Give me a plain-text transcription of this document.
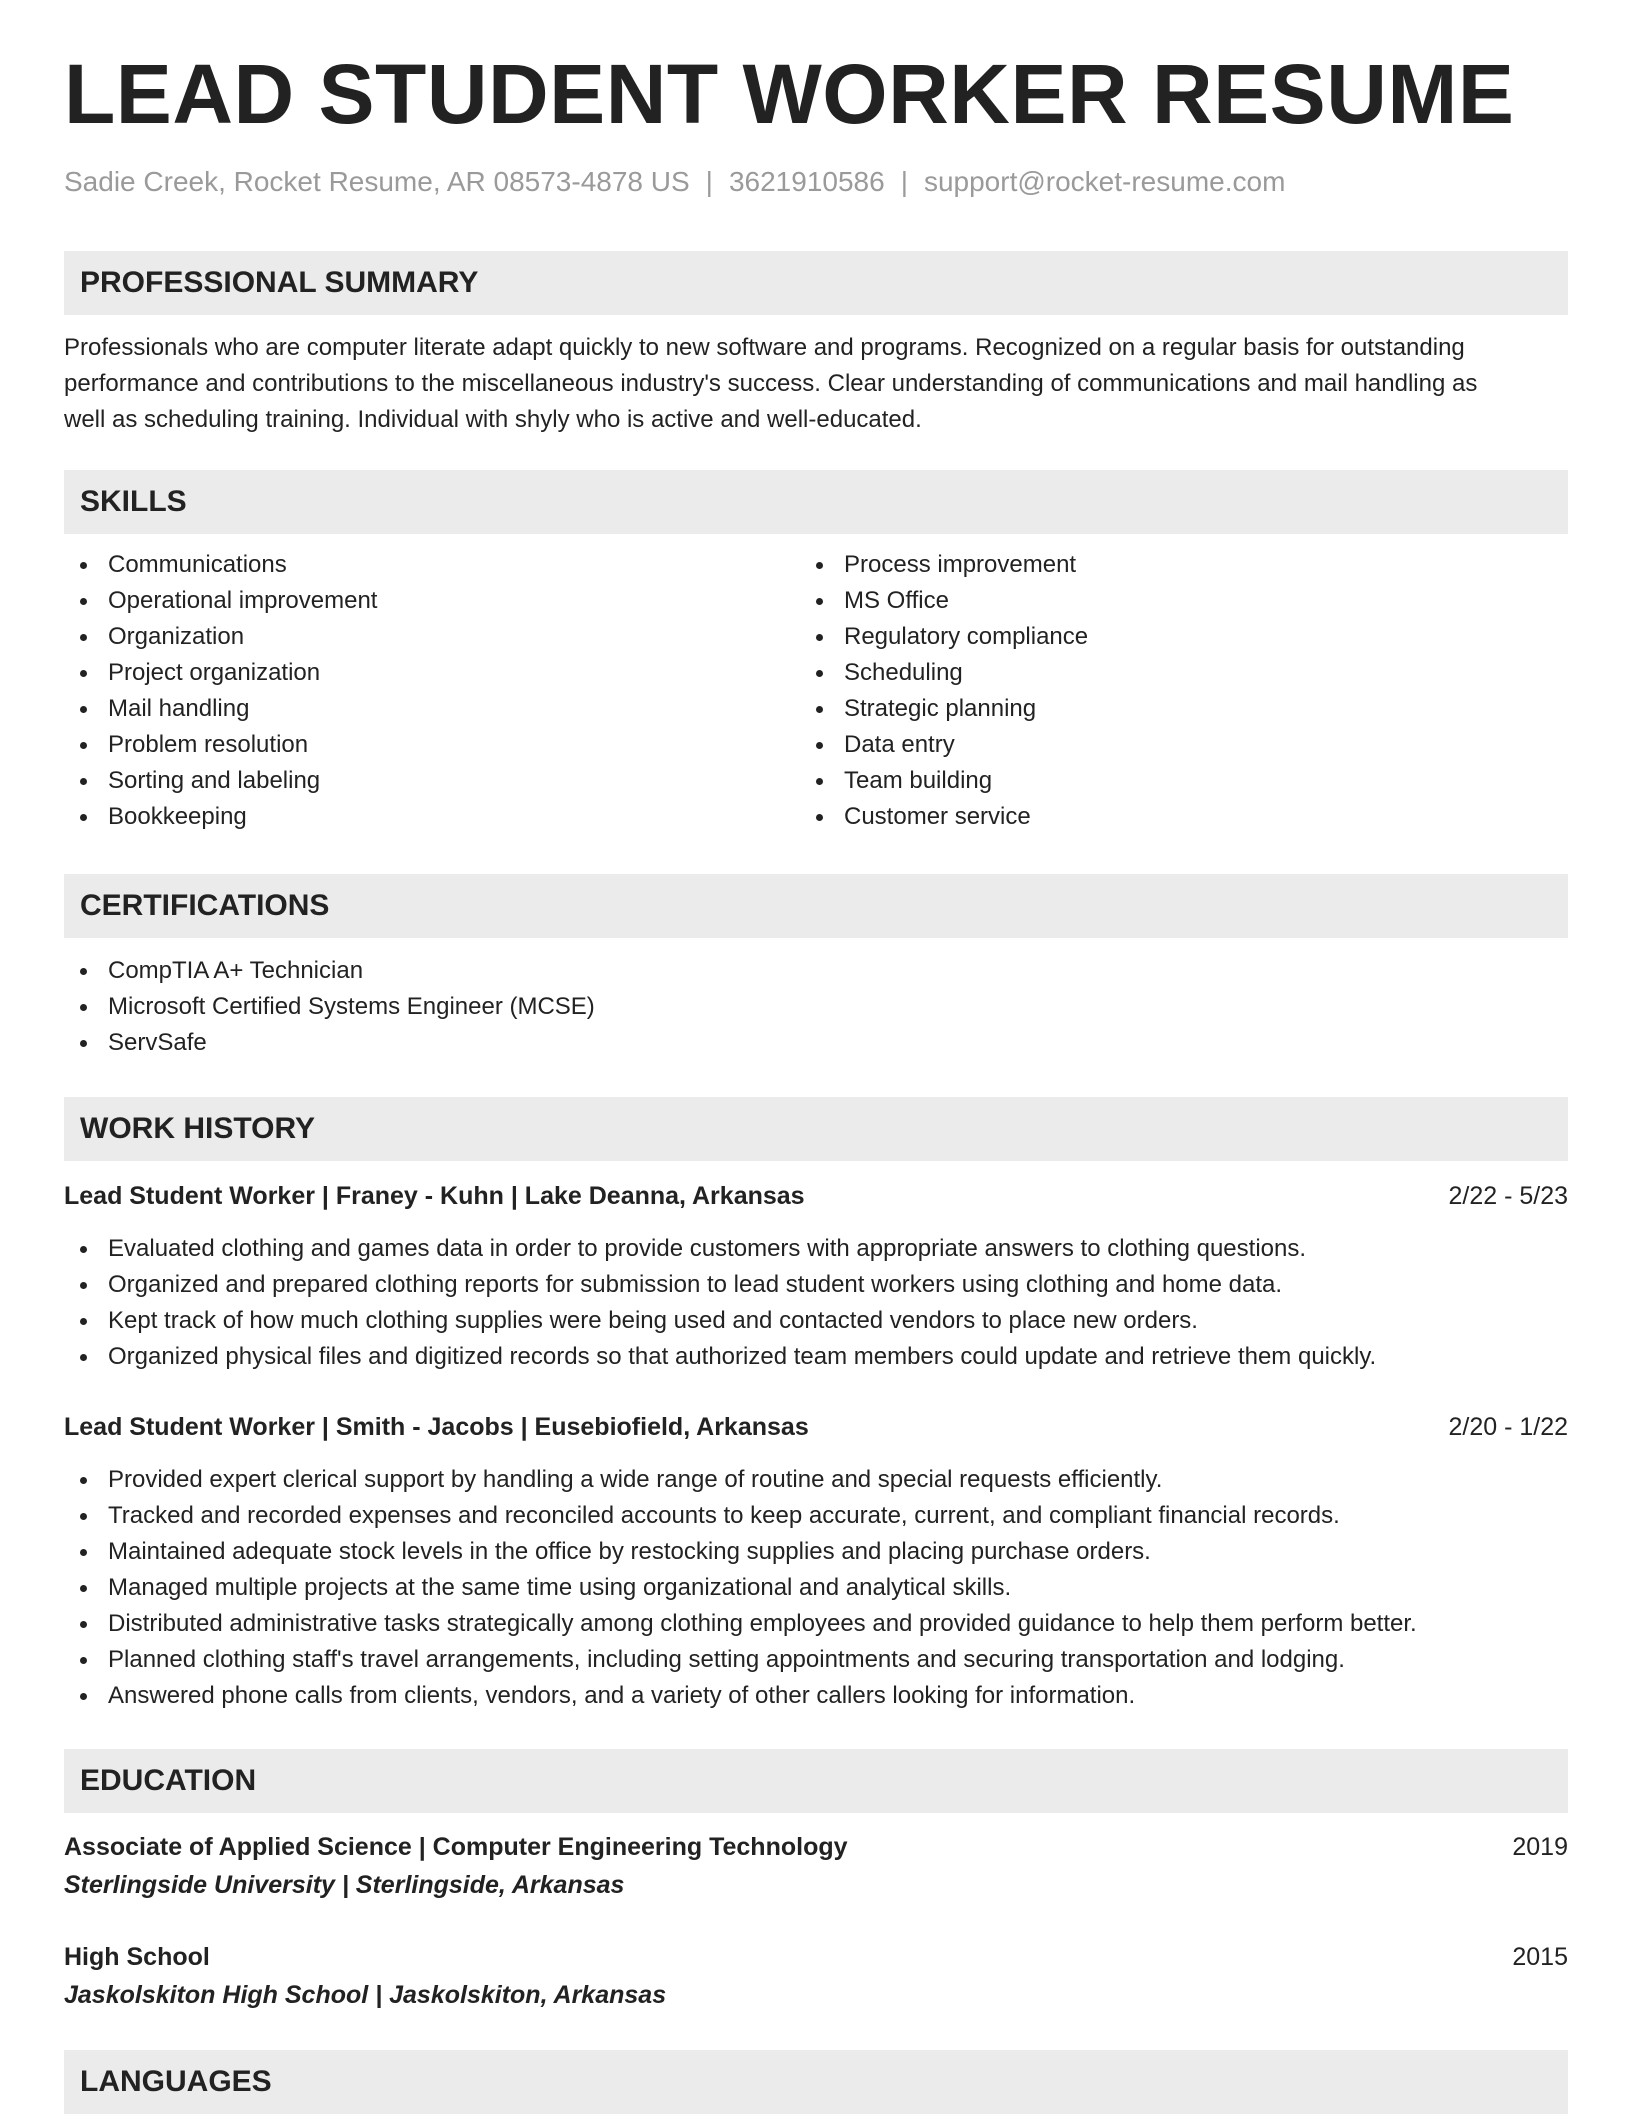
LEAD STUDENT WORKER RESUME
Sadie Creek, Rocket Resume, AR 08573-4878 US | 3621910586 | support@rocket-resume.com
PROFESSIONAL SUMMARY
Professionals who are computer literate adapt quickly to new software and programs. Recognized on a regular basis for outstanding
performance and contributions to the miscellaneous industry's success. Clear understanding of communications and mail handling as
well as scheduling training. Individual with shyly who is active and well-educated.
SKILLS
Communications
Operational improvement
Organization
Project organization
Mail handling
Problem resolution
Sorting and labeling
Bookkeeping
Process improvement
MS Office
Regulatory compliance
Scheduling
Strategic planning
Data entry
Team building
Customer service
CERTIFICATIONS
CompTIA A+ Technician
Microsoft Certified Systems Engineer (MCSE)
ServSafe
WORK HISTORY
Lead Student Worker | Franey - Kuhn | Lake Deanna, Arkansas	2/22 - 5/23
Evaluated clothing and games data in order to provide customers with appropriate answers to clothing questions.
Organized and prepared clothing reports for submission to lead student workers using clothing and home data.
Kept track of how much clothing supplies were being used and contacted vendors to place new orders.
Organized physical files and digitized records so that authorized team members could update and retrieve them quickly.
Lead Student Worker | Smith - Jacobs | Eusebiofield, Arkansas	2/20 - 1/22
Provided expert clerical support by handling a wide range of routine and special requests efficiently.
Tracked and recorded expenses and reconciled accounts to keep accurate, current, and compliant financial records.
Maintained adequate stock levels in the office by restocking supplies and placing purchase orders.
Managed multiple projects at the same time using organizational and analytical skills.
Distributed administrative tasks strategically among clothing employees and provided guidance to help them perform better.
Planned clothing staff's travel arrangements, including setting appointments and securing transportation and lodging.
Answered phone calls from clients, vendors, and a variety of other callers looking for information.
EDUCATION
Associate of Applied Science | Computer Engineering Technology	2019
Sterlingside University | Sterlingside, Arkansas
High School	2015
Jaskolskiton High School | Jaskolskiton, Arkansas
LANGUAGES
